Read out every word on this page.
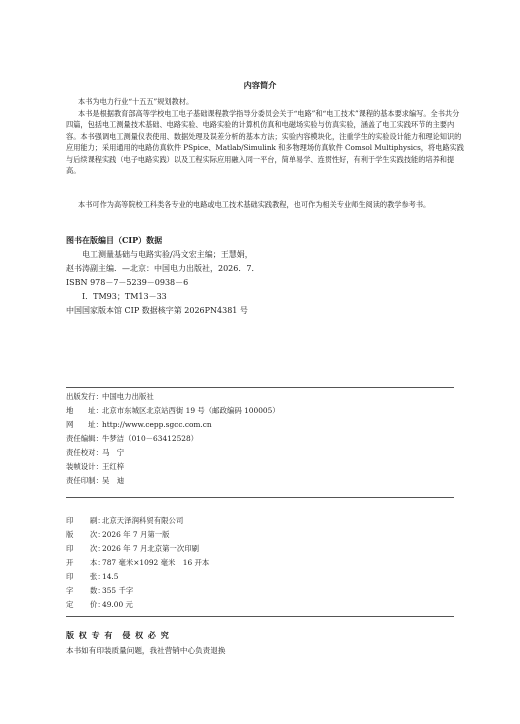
内容简介

本书为电力行业“十五五”规划教材。

本书是根据教育部高等学校电工电子基础课程教学指导分委员会关于“电路”和“电工技术”课程的基本要求编写。全书共分四篇，包括电工测量技术基础、电路实验、电路实验的计算机仿真和电磁场实验与仿真实验，涵盖了电工实践环节的主要内容。本书强调电工测量仪表使用、数据处理及误差分析的基本方法；实验内容模块化，注重学生的实验设计能力和理论知识的应用能力；采用通用的电路仿真软件 PSpice、Matlab/Simulink 和多物理场仿真软件 Comsol Multiphysics，将电路实践与后续课程实践（电子电路实践）以及工程实际应用融入同一平台，简单易学、连贯性好，有利于学生实践技能的培养和提高。

本书可作为高等院校工科类各专业的电路或电工技术基础实践教程，也可作为相关专业师生阅读的教学参考书。

图书在版编目（CIP）数据
电工测量基础与电路实验/冯文宏主编；王慧娟，
赵书涛副主编．—北京：中国电力出版社，2026．7．
ISBN 978－7－5239－0938－6
Ⅰ．TM93；TM13－33
中国国家版本馆 CIP 数据核字第 2026PN4381 号
出版发行：中国电力出版社
地　　址：北京市东城区北京站西街 19 号（邮政编码 100005）
网　　址：http://www.cepp.sgcc.com.cn
责任编辑：牛梦洁（010－63412528）
责任校对：马　宁
装帧设计：王红梓
责任印制：吴　迪
印 刷：北京天泽润科贸有限公司
版 次：2026 年 7 月第一版
印 次：2026 年 7 月北京第一次印刷
开 本：787 毫米×1092 毫米　16 开本
印 张：14.5
字 数：355 千字
定 价：49.00 元
版 权 专 有　侵 权 必 究
本书如有印装质量问题，我社营销中心负责退换
